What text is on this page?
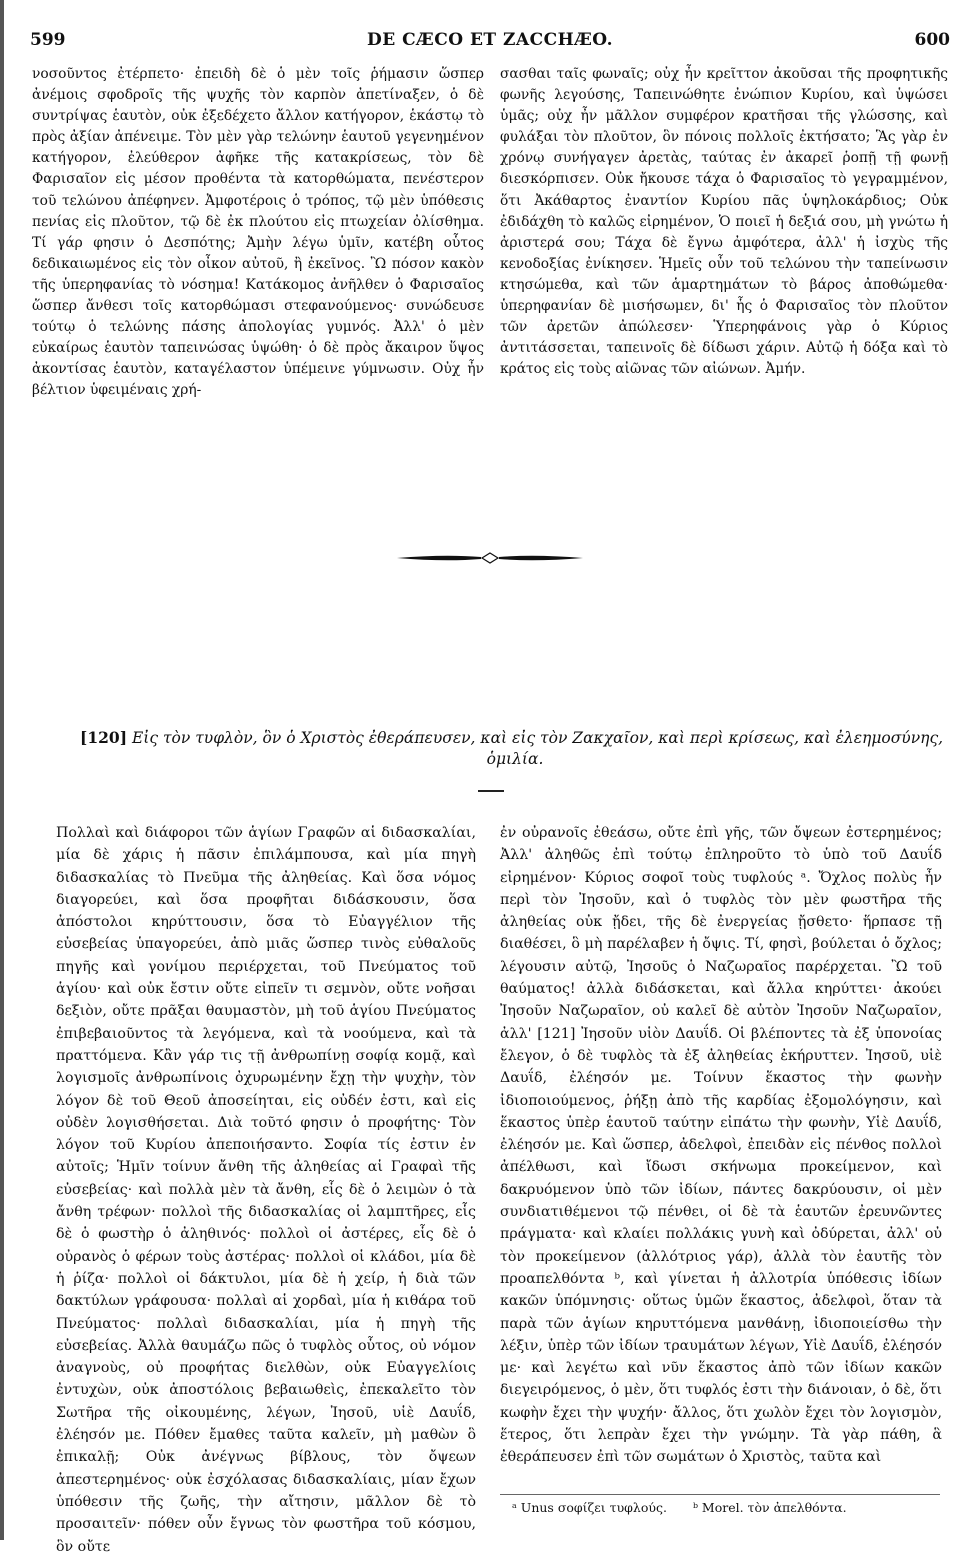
DE CÆCO ET ZACCHÆO.
599	600

νοσοῦντος ἐτέρπετο· ἐπειδὴ δὲ ὁ μὲν τοῖς ῥήμασιν ὥσπερ ἀνέμοις σφοδροῖς τῆς ψυχῆς τὸν καρπὸν ἀπετίναξεν, ὁ δὲ συντρίψας ἑαυτὸν, οὐκ ἐξεδέχετο ἄλλον κατήγορον, ἑκάστῳ τὸ πρὸς ἀξίαν ἀπένειμε. Τὸν μὲν γὰρ τελώνην ἑαυτοῦ γεγενημένον κατήγορον, ἐλεύθερον ἀφῆκε τῆς κατακρίσεως, τὸν δὲ Φαρισαῖον εἰς μέσον προθέντα τὰ κατορθώματα, πενέστερον τοῦ τελώνου ἀπέφηνεν. Ἀμφοτέροις ὁ τρόπος, τῷ μὲν ὑπόθεσις πενίας εἰς πλοῦτον, τῷ δὲ ἐκ πλούτου εἰς πτωχείαν ὀλίσθημα. Τί γάρ φησιν ὁ Δεσπότης; Ἀμὴν λέγω ὑμῖν, κατέβη οὗτος δεδικαιωμένος εἰς τὸν οἶκον αὐτοῦ, ἢ ἐκεῖνος. Ὢ πόσον κακὸν τῆς ὑπερηφανίας τὸ νόσημα! Κατάκομος ἀνῆλθεν ὁ Φαρισαῖος ὥσπερ ἄνθεσι τοῖς κατορθώμασι στεφανούμενος· συνώδευσε τούτῳ ὁ τελώνης πάσης ἀπολογίας γυμνός. Ἀλλ' ὁ μὲν εὐκαίρως ἑαυτὸν ταπεινώσας ὑψώθη· ὁ δὲ πρὸς ἄκαιρον ὕψος ἀκοντίσας ἑαυτὸν, καταγέλαστον ὑπέμεινε γύμνωσιν. Οὐχ ἦν βέλτιον ὑφειμέναις χρή-

σασθαι ταῖς φωναῖς; οὐχ ἦν κρεῖττον ἀκοῦσαι τῆς προφητικῆς φωνῆς λεγούσης, Ταπεινώθητε ἐνώπιον Κυρίου, καὶ ὑψώσει ὑμᾶς; οὐχ ἦν μᾶλλον συμφέρον κρατῆσαι τῆς γλώσσης, καὶ φυλάξαι τὸν πλοῦτον, ὃν πόνοις πολλοῖς ἐκτήσατο; Ἃς γὰρ ἐν χρόνῳ συνήγαγεν ἀρετὰς, ταύτας ἐν ἀκαρεῖ ῥοπῇ τῇ φωνῇ διεσκόρπισεν. Οὐκ ἤκουσε τάχα ὁ Φαρισαῖος τὸ γεγραμμένον, ὅτι Ἀκάθαρτος ἐναντίον Κυρίου πᾶς ὑψηλοκάρδιος; Οὐκ ἐδιδάχθη τὸ καλῶς εἰρημένον, Ὁ ποιεῖ ἡ δεξιά σου, μὴ γνώτω ἡ ἀριστερά σου; Τάχα δὲ ἔγνω ἀμφότερα, ἀλλ' ἡ ἰσχὺς τῆς κενοδοξίας ἐνίκησεν. Ἡμεῖς οὖν τοῦ τελώνου τὴν ταπείνωσιν κτησώμεθα, καὶ τῶν ἁμαρτημάτων τὸ βάρος ἀποθώμεθα· ὑπερηφανίαν δὲ μισήσωμεν, δι' ἧς ὁ Φαρισαῖος τὸν πλοῦτον τῶν ἀρετῶν ἀπώλεσεν· Ὑπερηφάνοις γὰρ ὁ Κύριος ἀντιτάσσεται, ταπεινοῖς δὲ δίδωσι χάριν. Αὐτῷ ἡ δόξα καὶ τὸ κράτος εἰς τοὺς αἰῶνας τῶν αἰώνων. Ἀμήν.

[120] Εἰς τὸν τυφλὸν, ὃν ὁ Χριστὸς ἐθεράπευσεν, καὶ εἰς τὸν Ζακχαῖον, καὶ περὶ κρίσεως, καὶ ἐλεημοσύνης,
ὁμιλία.

Πολλαὶ καὶ διάφοροι τῶν ἁγίων Γραφῶν αἱ διδασκαλίαι, μία δὲ χάρις ἡ πᾶσιν ἐπιλάμπουσα, καὶ μία πηγὴ διδασκαλίας τὸ Πνεῦμα τῆς ἀληθείας. Καὶ ὅσα νόμος διαγορεύει, καὶ ὅσα προφῆται διδάσκουσιν, ὅσα ἀπόστολοι κηρύττουσιν, ὅσα τὸ Εὐαγγέλιον τῆς εὐσεβείας ὑπαγορεύει, ἀπὸ μιᾶς ὥσπερ τινὸς εὐθαλοῦς πηγῆς καὶ γονίμου περιέρχεται, τοῦ Πνεύματος τοῦ ἁγίου· καὶ οὐκ ἔστιν οὔτε εἰπεῖν τι σεμνὸν, οὔτε νοῆσαι δεξιὸν, οὔτε πρᾶξαι θαυμαστὸν, μὴ τοῦ ἁγίου Πνεύματος ἐπιβεβαιοῦντος τὰ λεγόμενα, καὶ τὰ νοούμενα, καὶ τὰ πραττόμενα. Κἂν γάρ τις τῇ ἀνθρωπίνῃ σοφίᾳ κομᾷ, καὶ λογισμοῖς ἀνθρωπίνοις ὀχυρωμένην ἔχῃ τὴν ψυχὴν, τὸν λόγον δὲ τοῦ Θεοῦ ἀποσείηται, εἰς οὐδέν ἐστι, καὶ εἰς οὐδὲν λογισθήσεται. Διὰ τοῦτό φησιν ὁ προφήτης· Τὸν λόγον τοῦ Κυρίου ἀπεποιήσαντο. Σοφία τίς ἐστιν ἐν αὐτοῖς; Ἡμῖν τοίνυν ἄνθη τῆς ἀληθείας αἱ Γραφαὶ τῆς εὐσεβείας· καὶ πολλὰ μὲν τὰ ἄνθη, εἷς δὲ ὁ λειμὼν ὁ τὰ ἄνθη τρέφων· πολλοὶ τῆς διδασκαλίας οἱ λαμπτῆρες, εἷς δὲ ὁ φωστὴρ ὁ ἀληθινός· πολλοὶ οἱ ἀστέρες, εἷς δὲ ὁ οὐρανὸς ὁ φέρων τοὺς ἀστέρας· πολλοὶ οἱ κλάδοι, μία δὲ ἡ ῥίζα· πολλοὶ οἱ δάκτυλοι, μία δὲ ἡ χείρ, ἡ διὰ τῶν δακτύλων γράφουσα· πολλαὶ αἱ χορδαὶ, μία ἡ κιθάρα τοῦ Πνεύματος· πολλαὶ διδασκαλίαι, μία ἡ πηγὴ τῆς εὐσεβείας. Ἀλλὰ θαυμάζω πῶς ὁ τυφλὸς οὗτος, οὐ νόμον ἀναγνοὺς, οὐ προφήτας διελθὼν, οὐκ Εὐαγγελίοις ἐντυχὼν, οὐκ ἀποστόλοις βεβαιωθεὶς, ἐπεκαλεῖτο τὸν Σωτῆρα τῆς οἰκουμένης, λέγων, Ἰησοῦ, υἱὲ Δαυΐδ, ἐλέησόν με. Πόθεν ἔμαθες ταῦτα καλεῖν, μὴ μαθὼν ὃ ἐπικαλῇ; Οὐκ ἀνέγνως βίβλους, τὸν ὄψεων ἀπεστερημένος· οὐκ ἐσχόλασας διδασκαλίαις, μίαν ἔχων ὑπόθεσιν τῆς ζωῆς, τὴν αἴτησιν, μᾶλλον δὲ τὸ προσαιτεῖν· πόθεν οὖν ἔγνως τὸν φωστῆρα τοῦ κόσμου, ὃν οὔτε

ἐν οὐρανοῖς ἐθεάσω, οὔτε ἐπὶ γῆς, τῶν ὄψεων ἐστερημένος; Ἀλλ' ἀληθῶς ἐπὶ τούτῳ ἐπληροῦτο τὸ ὑπὸ τοῦ Δαυΐδ εἰρημένον· Κύριος σοφοῖ τοὺς τυφλούς ᵃ. Ὄχλος πολὺς ἦν περὶ τὸν Ἰησοῦν, καὶ ὁ τυφλὸς τὸν μὲν φωστῆρα τῆς ἀληθείας οὐκ ᾔδει, τῆς δὲ ἐνεργείας ᾔσθετο· ἥρπασε τῇ διαθέσει, ὃ μὴ παρέλαβεν ἡ ὄψις. Τί, φησὶ, βούλεται ὁ ὄχλος; λέγουσιν αὐτῷ, Ἰησοῦς ὁ Ναζωραῖος παρέρχεται. Ὢ τοῦ θαύματος! ἀλλὰ διδάσκεται, καὶ ἄλλα κηρύττει· ἀκούει Ἰησοῦν Ναζωραῖον, οὐ καλεῖ δὲ αὐτὸν Ἰησοῦν Ναζωραῖον, ἀλλ' [121] Ἰησοῦν υἱὸν Δαυΐδ. Οἱ βλέποντες τὰ ἐξ ὑπονοίας ἔλεγον, ὁ δὲ τυφλὸς τὰ ἐξ ἀληθείας ἐκήρυττεν. Ἰησοῦ, υἱὲ Δαυΐδ, ἐλέησόν με. Τοίνυν ἕκαστος τὴν φωνὴν ἰδιοποιούμενος, ῥήξῃ ἀπὸ τῆς καρδίας ἐξομολόγησιν, καὶ ἕκαστος ὑπὲρ ἑαυτοῦ ταύτην εἰπάτω τὴν φωνὴν, Υἱὲ Δαυΐδ, ἐλέησόν με. Καὶ ὥσπερ, ἀδελφοὶ, ἐπειδὰν εἰς πένθος πολλοὶ ἀπέλθωσι, καὶ ἴδωσι σκήνωμα προκείμενον, καὶ δακρυόμενον ὑπὸ τῶν ἰδίων, πάντες δακρύουσιν, οἱ μὲν συνδιατιθέμενοι τῷ πένθει, οἱ δὲ τὰ ἑαυτῶν ἐρευνῶντες πράγματα· καὶ κλαίει πολλάκις γυνὴ καὶ ὀδύρεται, ἀλλ' οὐ τὸν προκείμενον (ἀλλότριος γάρ), ἀλλὰ τὸν ἑαυτῆς τὸν προαπελθόντα ᵇ, καὶ γίνεται ἡ ἀλλοτρία ὑπόθεσις ἰδίων κακῶν ὑπόμνησις· οὕτως ὑμῶν ἕκαστος, ἀδελφοὶ, ὅταν τὰ παρὰ τῶν ἁγίων κηρυττόμενα μανθάνῃ, ἰδιοποιείσθω τὴν λέξιν, ὑπὲρ τῶν ἰδίων τραυμάτων λέγων, Υἱὲ Δαυΐδ, ἐλέησόν με· καὶ λεγέτω καὶ νῦν ἕκαστος ἀπὸ τῶν ἰδίων κακῶν διεγειρόμενος, ὁ μὲν, ὅτι τυφλός ἐστι τὴν διάνοιαν, ὁ δὲ, ὅτι κωφὴν ἔχει τὴν ψυχήν· ἄλλος, ὅτι χωλὸν ἔχει τὸν λογισμὸν, ἕτερος, ὅτι λεπρὰν ἔχει τὴν γνώμην. Τὰ γὰρ πάθη, ἃ ἐθεράπευσεν ἐπὶ τῶν σωμάτων ὁ Χριστὸς, ταῦτα καὶ

ᵃ Unus σοφίζει τυφλούς. ᵇ Morel. τὸν ἀπελθόντα.
